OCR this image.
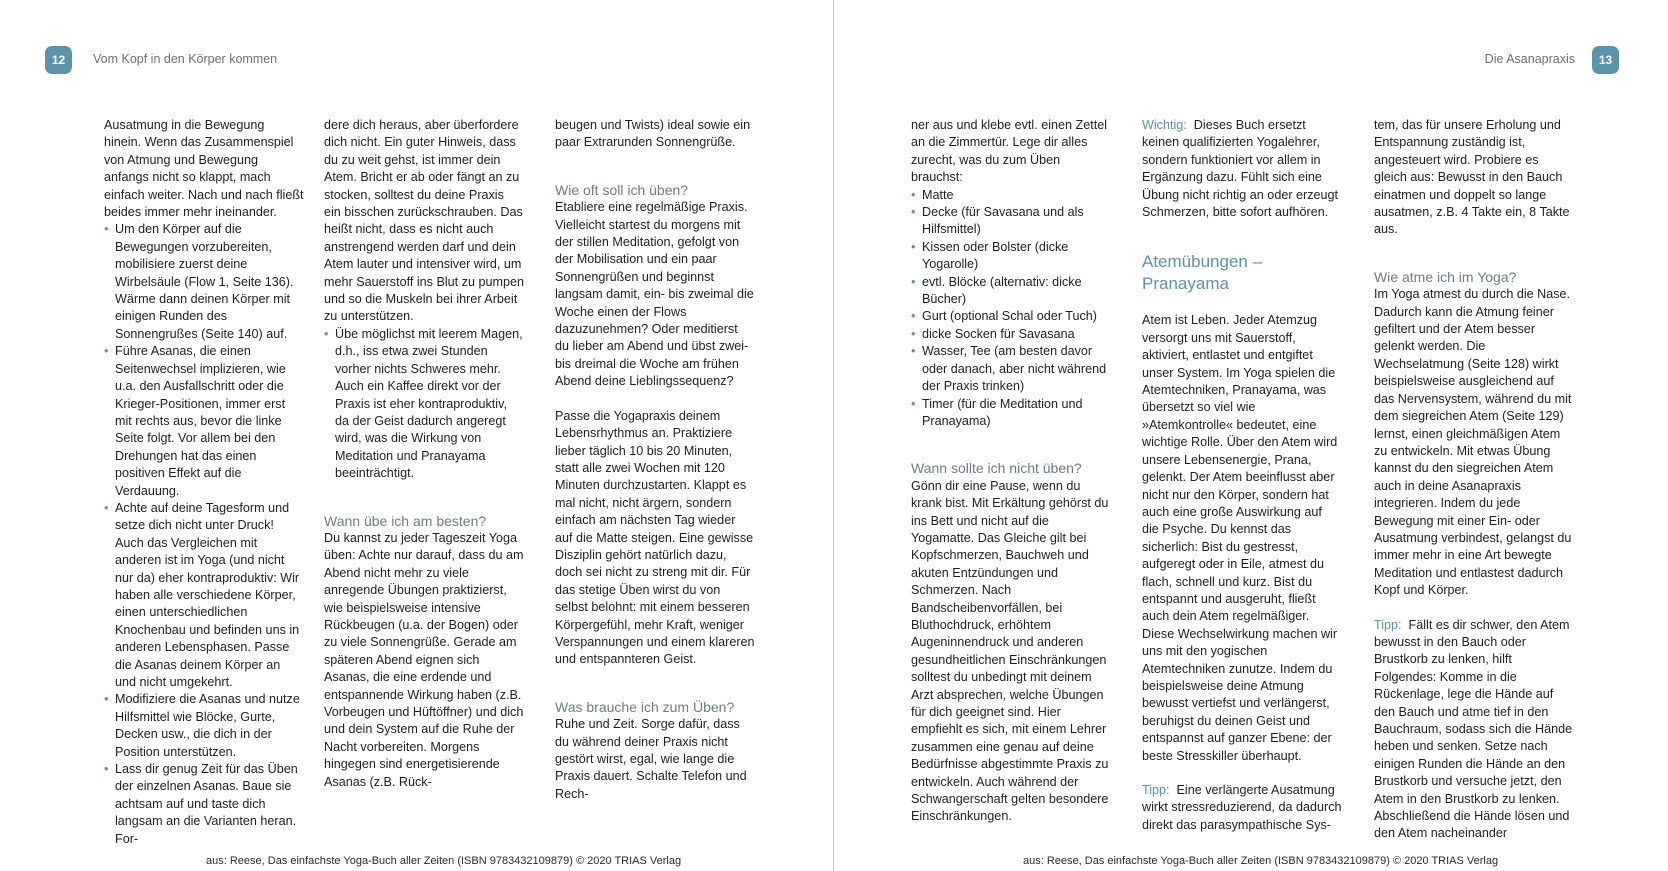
12	Vom Kopf in den Körper kommen

Ausatmung in die Bewegung hinein. Wenn das Zusammenspiel von Atmung und Bewegung anfangs nicht so klappt, mach einfach weiter. Nach und nach fließt beides immer mehr ineinander.

• Um den Körper auf die Bewegungen vorzubereiten, mobilisiere zuerst deine Wirbelsäule (Flow 1, Seite 136). Wärme dann deinen Körper mit einigen Runden des Sonnengrußes (Seite 140) auf.
• Führe Asanas, die einen Seitenwechsel implizieren, wie u.a. den Ausfallschritt oder die Krieger-Positionen, immer erst mit rechts aus, bevor die linke Seite folgt. Vor allem bei den Drehungen hat das einen positiven Effekt auf die Verdauung.
• Achte auf deine Tagesform und setze dich nicht unter Druck! Auch das Vergleichen mit anderen ist im Yoga (und nicht nur da) eher kontraproduktiv: Wir haben alle verschiedene Körper, einen unterschiedlichen Knochenbau und befinden uns in anderen Lebensphasen. Passe die Asanas deinem Körper an und nicht umgekehrt.
• Modifiziere die Asanas und nutze Hilfsmittel wie Blöcke, Gurte, Decken usw., die dich in der Position unterstützen.
• Lass dir genug Zeit für das Üben der einzelnen Asanas. Baue sie achtsam auf und taste dich langsam an die Varianten heran. For-

dere dich heraus, aber überfordere dich nicht. Ein guter Hinweis, dass du zu weit gehst, ist immer dein Atem. Bricht er ab oder fängt an zu stocken, solltest du deine Praxis ein bisschen zurückschrauben. Das heißt nicht, dass es nicht auch anstrengend werden darf und dein Atem lauter und intensiver wird, um mehr Sauerstoff ins Blut zu pumpen und so die Muskeln bei ihrer Arbeit zu unterstützen.

• Übe möglichst mit leerem Magen, d.h., iss etwa zwei Stunden vorher nichts Schweres mehr. Auch ein Kaffee direkt vor der Praxis ist eher kontraproduktiv, da der Geist dadurch angeregt wird, was die Wirkung von Meditation und Pranayama beeinträchtigt.
Wann übe ich am besten?

Du kannst zu jeder Tageszeit Yoga üben: Achte nur darauf, dass du am Abend nicht mehr zu viele anregende Übungen praktizierst, wie beispielsweise intensive Rückbeugen (u.a. der Bogen) oder zu viele Sonnengrüße. Gerade am späteren Abend eignen sich Asanas, die eine erdende und entspannende Wirkung haben (z.B. Vorbeugen und Hüftöffner) und dich und dein System auf die Ruhe der Nacht vorbereiten. Morgens hingegen sind energetisierende Asanas (z.B. Rück-

beugen und Twists) ideal sowie ein paar Extrarunden Sonnengrüße.

Wie oft soll ich üben?

Etabliere eine regelmäßige Praxis. Vielleicht startest du morgens mit der stillen Meditation, gefolgt von der Mobilisation und ein paar Sonnengrüßen und beginnst langsam damit, ein- bis zweimal die Woche einen der Flows dazuzunehmen? Oder meditierst du lieber am Abend und übst zwei- bis dreimal die Woche am frühen Abend deine Lieblingssequenz?

Passe die Yogapraxis deinem Lebensrhythmus an. Praktiziere lieber täglich 10 bis 20 Minuten, statt alle zwei Wochen mit 120 Minuten durchzustarten. Klappt es mal nicht, nicht ärgern, sondern einfach am nächsten Tag wieder auf die Matte steigen. Eine gewisse Disziplin gehört natürlich dazu, doch sei nicht zu streng mit dir. Für das stetige Üben wirst du von selbst belohnt: mit einem besseren Körpergefühl, mehr Kraft, weniger Verspannungen und einem klareren und entspannteren Geist.

Was brauche ich zum Üben?

Ruhe und Zeit. Sorge dafür, dass du während deiner Praxis nicht gestört wirst, egal, wie lange die Praxis dauert. Schalte Telefon und Rech-

aus: Reese, Das einfachste Yoga-Buch aller Zeiten (ISBN 9783432109879) © 2020 TRIAS Verlag
Die Asanapraxis	13

ner aus und klebe evtl. einen Zettel an die Zimmertür. Lege dir alles zurecht, was du zum Üben brauchst:

• Matte
• Decke (für Savasana und als Hilfsmittel)
• Kissen oder Bolster (dicke Yogarolle)
• evtl. Blöcke (alternativ: dicke Bücher)
• Gurt (optional Schal oder Tuch)
• dicke Socken für Savasana
• Wasser, Tee (am besten davor oder danach, aber nicht während der Praxis trinken)
• Timer (für die Meditation und Pranayama)
Wann sollte ich nicht üben?

Gönn dir eine Pause, wenn du krank bist. Mit Erkältung gehörst du ins Bett und nicht auf die Yogamatte. Das Gleiche gilt bei Kopfschmerzen, Bauchweh und akuten Entzündungen und Schmerzen. Nach Bandscheibenvorfällen, bei Bluthochdruck, erhöhtem Augeninnendruck und anderen gesundheitlichen Einschränkungen solltest du unbedingt mit deinem Arzt absprechen, welche Übungen für dich geeignet sind. Hier empfiehlt es sich, mit einem Lehrer zusammen eine genau auf deine Bedürfnisse abgestimmte Praxis zu entwickeln. Auch während der Schwangerschaft gelten besondere Einschränkungen.

Wichtig: Dieses Buch ersetzt keinen qualifizierten Yogalehrer, sondern funktioniert vor allem in Ergänzung dazu. Fühlt sich eine Übung nicht richtig an oder erzeugt Schmerzen, bitte sofort aufhören.

Atemübungen –
Pranayama

Atem ist Leben. Jeder Atemzug versorgt uns mit Sauerstoff, aktiviert, entlastet und entgiftet unser System. Im Yoga spielen die Atemtechniken, Pranayama, was übersetzt so viel wie »Atemkontrolle« bedeutet, eine wichtige Rolle. Über den Atem wird unsere Lebensenergie, Prana, gelenkt. Der Atem beeinflusst aber nicht nur den Körper, sondern hat auch eine große Auswirkung auf die Psyche. Du kennst das sicherlich: Bist du gestresst, aufgeregt oder in Eile, atmest du flach, schnell und kurz. Bist du entspannt und ausgeruht, fließt auch dein Atem regelmäßiger. Diese Wechselwirkung machen wir uns mit den yogischen Atemtechniken zunutze. Indem du beispielsweise deine Atmung bewusst vertiefst und verlängerst, beruhigst du deinen Geist und entspannst auf ganzer Ebene: der beste Stresskiller überhaupt.

Tipp: Eine verlängerte Ausatmung wirkt stressreduzierend, da dadurch direkt das parasympathische Sys-

tem, das für unsere Erholung und Entspannung zuständig ist, angesteuert wird. Probiere es gleich aus: Bewusst in den Bauch einatmen und doppelt so lange ausatmen, z.B. 4 Takte ein, 8 Takte aus.

Wie atme ich im Yoga?

Im Yoga atmest du durch die Nase. Dadurch kann die Atmung feiner gefiltert und der Atem besser gelenkt werden. Die Wechselatmung (Seite 128) wirkt beispielsweise ausgleichend auf das Nervensystem, während du mit dem siegreichen Atem (Seite 129) lernst, einen gleichmäßigen Atem zu entwickeln. Mit etwas Übung kannst du den siegreichen Atem auch in deine Asanapraxis integrieren. Indem du jede Bewegung mit einer Ein- oder Ausatmung verbindest, gelangst du immer mehr in eine Art bewegte Meditation und entlastest dadurch Kopf und Körper.

Tipp: Fällt es dir schwer, den Atem bewusst in den Bauch oder Brustkorb zu lenken, hilft Folgendes: Komme in die Rückenlage, lege die Hände auf den Bauch und atme tief in den Bauchraum, sodass sich die Hände heben und senken. Setze nach einigen Runden die Hände an den Brustkorb und versuche jetzt, den Atem in den Brustkorb zu lenken. Abschließend die Hände lösen und den Atem nacheinander

aus: Reese, Das einfachste Yoga-Buch aller Zeiten (ISBN 9783432109879) © 2020 TRIAS Verlag
